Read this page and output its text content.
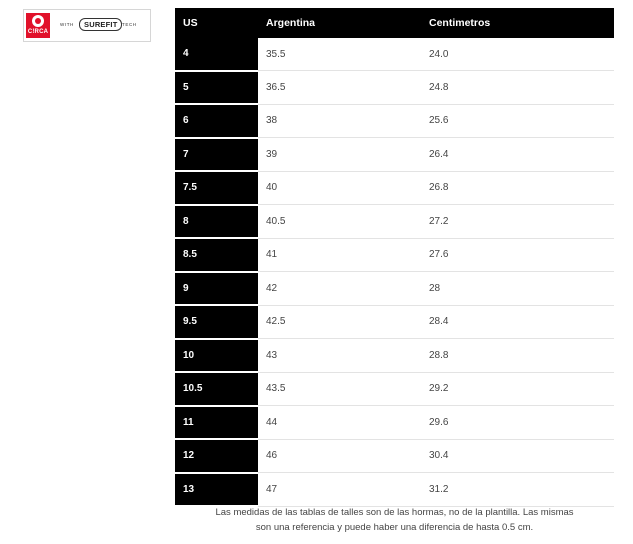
C!RCA
WITH	SUREFIT	TECH	US	Argentina	Centimetros
4	35.5	24.0
5	36.5	24.8
6	38	25.6
7	39	26.4
7.5	40	26.8
8	40.5	27.2
8.5	41	27.6
9	42	28
9.5	42.5	28.4
10	43	28.8
10.5	43.5	29.2
11	44	29.6
12	46	30.4
13	47	31.2
Las medidas de las tablas de talles son de las hormas, no de la plantilla. Las mismas
son una referencia y puede haber una diferencia de hasta 0.5 cm.
